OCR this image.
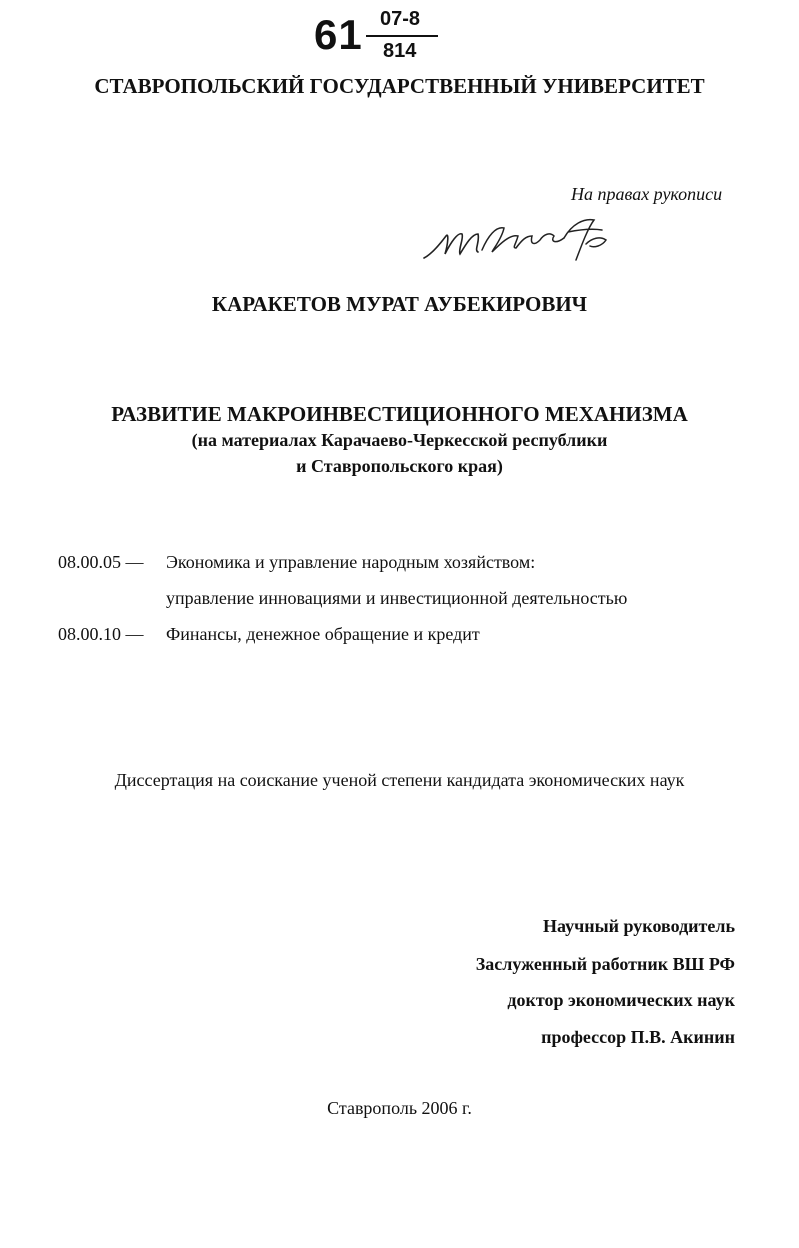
61 07-8
814
СТАВРОПОЛЬСКИЙ ГОСУДАРСТВЕННЫЙ УНИВЕРСИТЕТ
На правах рукописи
КАРАКЕТОВ МУРАТ АУБЕКИРОВИЧ
РАЗВИТИЕ МАКРОИНВЕСТИЦИОННОГО МЕХАНИЗМА
(на материалах Карачаево-Черкесской республики
и Ставропольского края)
08.00.05 — Экономика и управление народным хозяйством:
управление инновациями и инвестиционной деятельностью
08.00.10 — Финансы, денежное обращение и кредит
Диссертация на соискание ученой степени кандидата экономических наук
Научный руководитель
Заслуженный работник ВШ РФ
доктор экономических наук
профессор П.В. Акинин
Ставрополь 2006 г.
